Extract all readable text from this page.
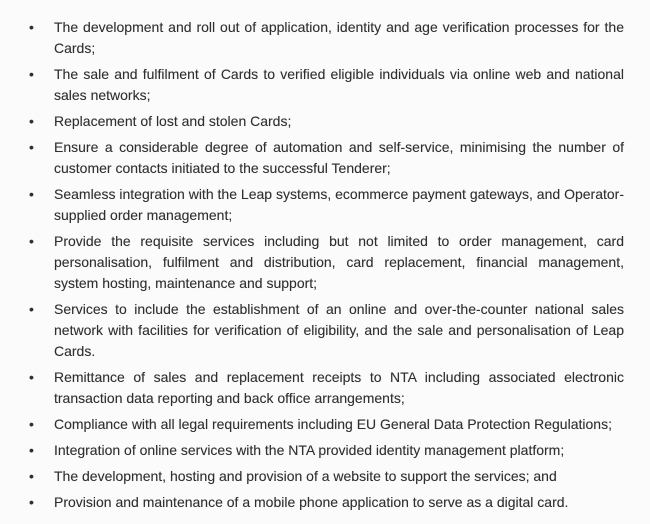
•	The development and roll out of application, identity and age verification processes for the
Cards;
•	The sale and fulfilment of Cards to verified eligible individuals via online web and national
sales networks;
•	Replacement of lost and stolen Cards;
•	Ensure a considerable degree of automation and self-service, minimising the number of
customer contacts initiated to the successful Tenderer;
•	Seamless integration with the Leap systems, ecommerce payment gateways, and Operator-
supplied order management;
•	Provide the requisite services including but not limited to order management, card
personalisation, fulfilment and distribution, card replacement, financial management,
system hosting, maintenance and support;
•	Services to include the establishment of an online and over-the-counter national sales
network with facilities for verification of eligibility, and the sale and personalisation of Leap
Cards.
•	Remittance of sales and replacement receipts to NTA including associated electronic
transaction data reporting and back office arrangements;
•	Compliance with all legal requirements including EU General Data Protection Regulations;
•	Integration of online services with the NTA provided identity management platform;
•	The development, hosting and provision of a website to support the services; and
•	Provision and maintenance of a mobile phone application to serve as a digital card.
